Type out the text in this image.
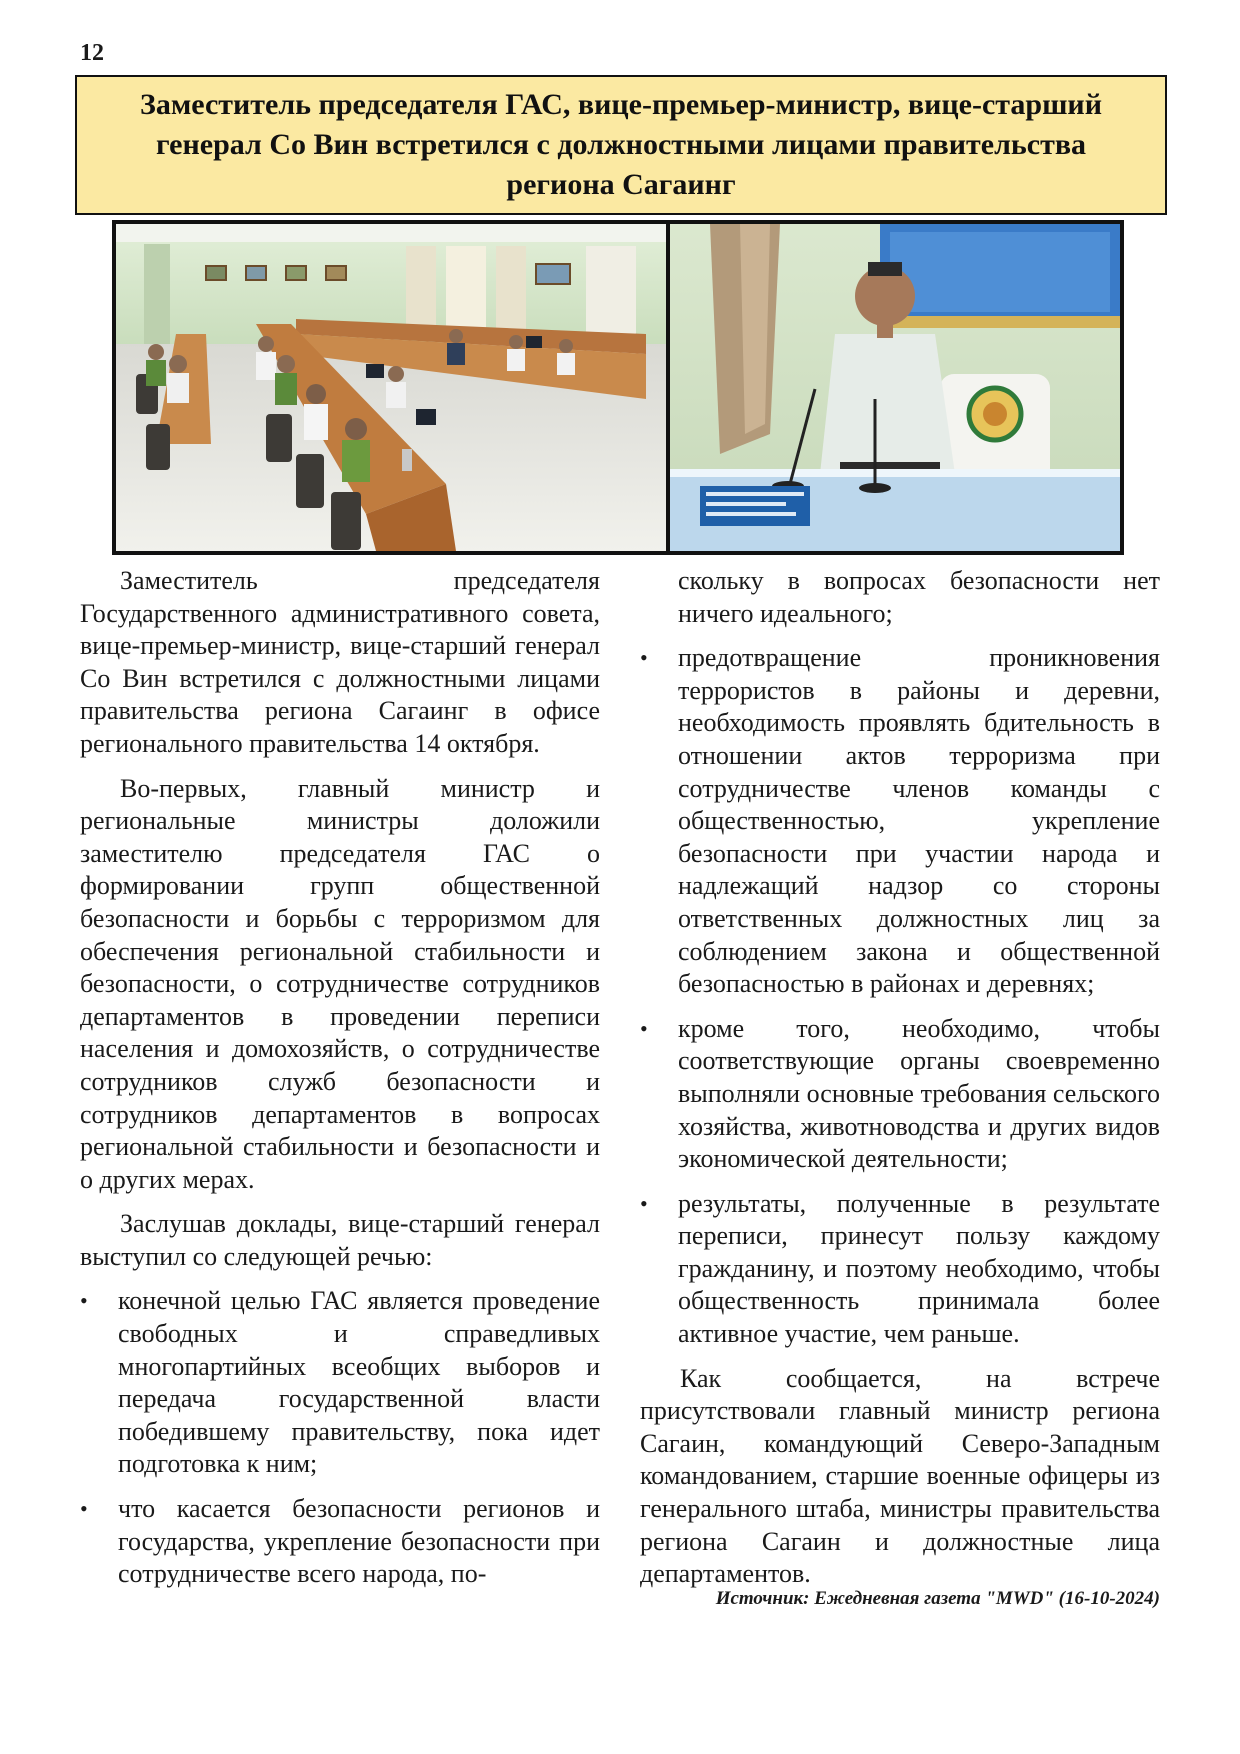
12
Заместитель председателя ГАС, вице-премьер-министр, вице-старший генерал Со Вин встретился с должностными лицами правительства региона Сагаинг

Заместитель председателя Государственного административного совета, вице-премьер-министр, вице-старший генерал Со Вин встретился с должностными лицами правительства региона Сагаинг в офисе регионального правительства 14 октября.

Во-первых, главный министр и региональные министры доложили заместителю председателя ГАС о формировании групп общественной безопасности и борьбы с терроризмом для обеспечения региональной стабильности и безопасности, о сотрудничестве сотрудников департаментов в проведении переписи населения и домохозяйств, о сотрудничестве сотрудников служб безопасности и сотрудников департаментов в вопросах региональной стабильности и безопасности и о других мерах.

Заслушав доклады, вице-старший генерал выступил со следующей речью:

• конечной целью ГАС является проведение свободных и справедливых многопартийных всеобщих выборов и передача государственной власти победившему правительству, пока идет подготовка к ним;
• что касается безопасности регионов и государства, укрепление безопасности при сотрудничестве всего народа, по-

скольку в вопросах безопасности нет ничего идеального;

• предотвращение проникновения террористов в районы и деревни, необходимость проявлять бдительность в отношении актов терроризма при сотрудничестве членов команды с общественностью, укрепление безопасности при участии народа и надлежащий надзор со стороны ответственных должностных лиц за соблюдением закона и общественной безопасностью в районах и деревнях;
• кроме того, необходимо, чтобы соответствующие органы своевременно выполняли основные требования сельского хозяйства, животноводства и других видов экономической деятельности;
• результаты, полученные в результате переписи, принесут пользу каждому гражданину, и поэтому необходимо, чтобы общественность принимала более активное участие, чем раньше.

Как сообщается, на встрече присутствовали главный министр региона Сагаин, командующий Северо-Западным командованием, старшие военные офицеры из генерального штаба, министры правительства региона Сагаин и должностные лица департаментов.

Источник: Ежедневная газета "MWD" (16-10-2024)
